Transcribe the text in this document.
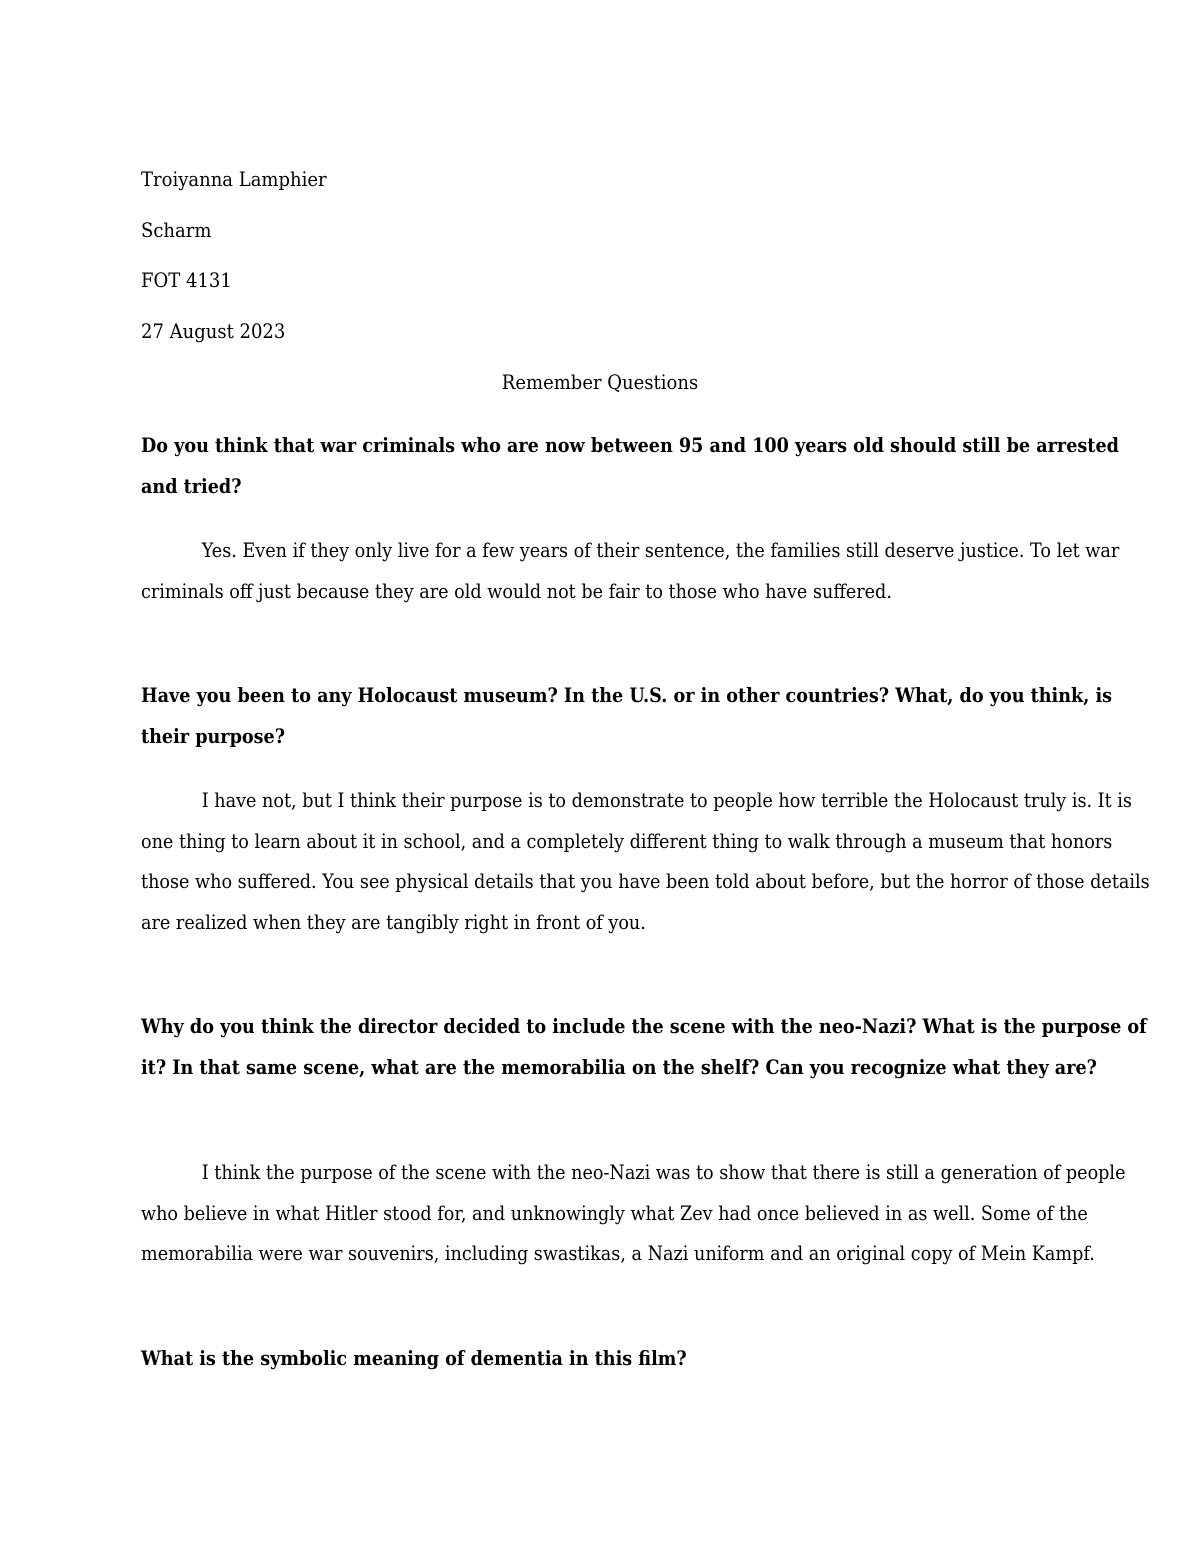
Troiyanna Lamphier

Scharm

FOT 4131

27 August 2023

Remember Questions

Do you think that war criminals who are now between 95 and 100 years old should still be arrested and tried?

Yes. Even if they only live for a few years of their sentence, the families still deserve justice. To let war criminals off just because they are old would not be fair to those who have suffered.

Have you been to any Holocaust museum? In the U.S. or in other countries? What, do you think, is their purpose?

I have not, but I think their purpose is to demonstrate to people how terrible the Holocaust truly is. It is one thing to learn about it in school, and a completely different thing to walk through a museum that honors those who suffered. You see physical details that you have been told about before, but the horror of those details are realized when they are tangibly right in front of you.

Why do you think the director decided to include the scene with the neo-Nazi? What is the purpose of it? In that same scene, what are the memorabilia on the shelf? Can you recognize what they are?

I think the purpose of the scene with the neo-Nazi was to show that there is still a generation of people who believe in what Hitler stood for, and unknowingly what Zev had once believed in as well. Some of the memorabilia were war souvenirs, including swastikas, a Nazi uniform and an original copy of Mein Kampf.

What is the symbolic meaning of dementia in this film?
